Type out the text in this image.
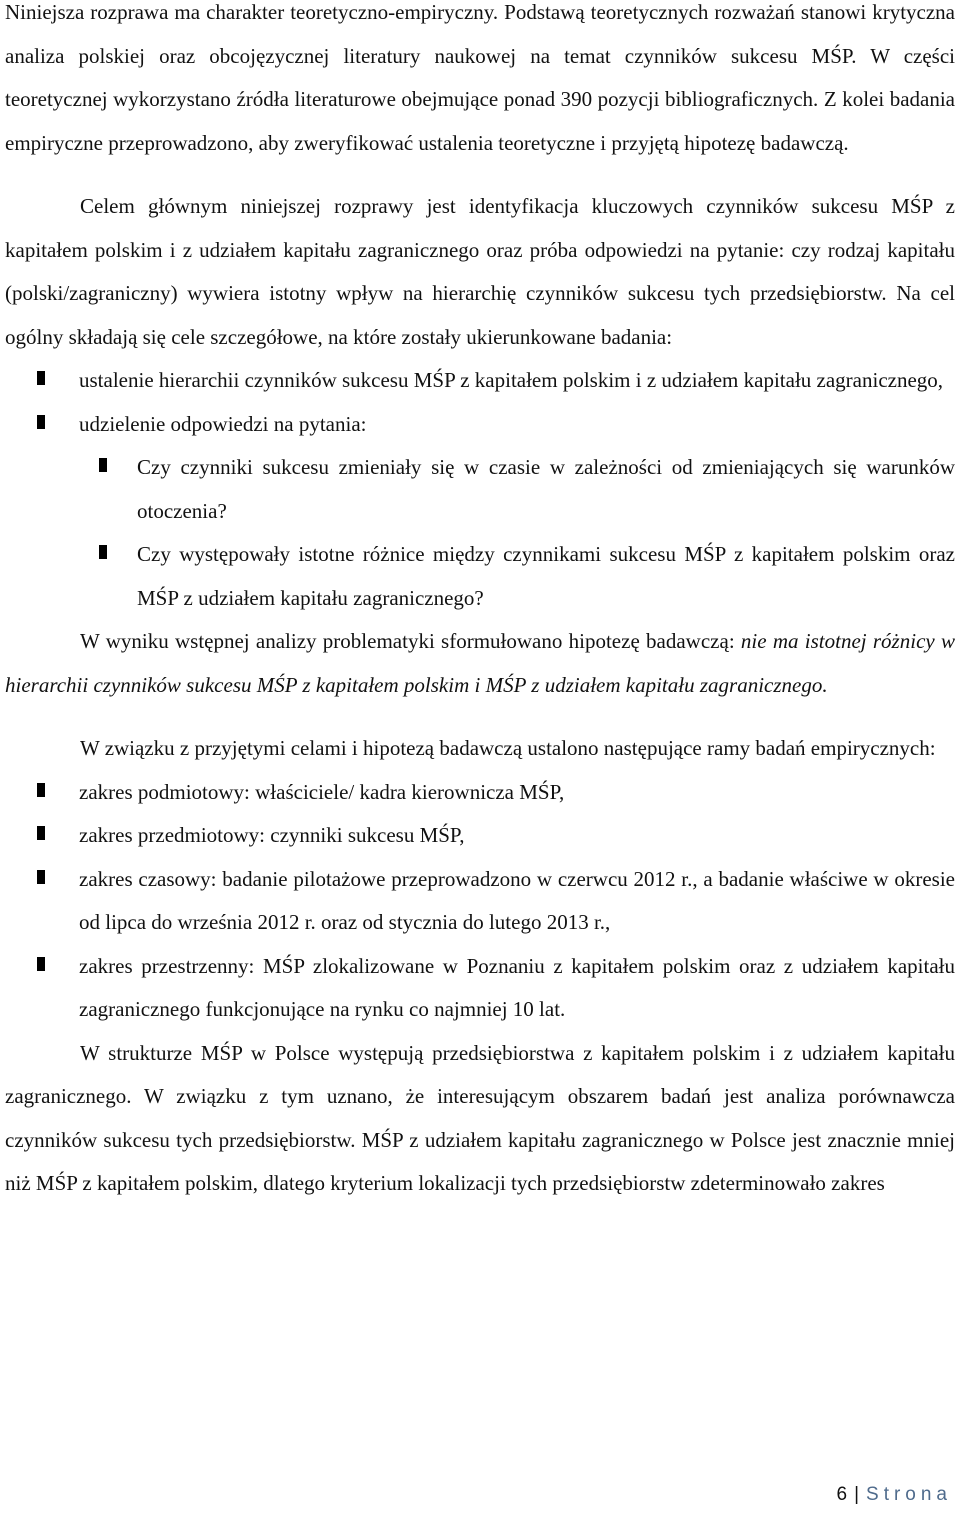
Niniejsza rozprawa ma charakter teoretyczno-empiryczny. Podstawą teoretycznych rozważań stanowi krytyczna analiza polskiej oraz obcojęzycznej literatury naukowej na temat czynników sukcesu MŚP. W części teoretycznej wykorzystano źródła literaturowe obejmujące ponad 390 pozycji bibliograficznych. Z kolei badania empiryczne przeprowadzono, aby zweryfikować ustalenia teoretyczne i przyjętą hipotezę badawczą.

Celem głównym niniejszej rozprawy jest identyfikacja kluczowych czynników sukcesu MŚP z kapitałem polskim i z udziałem kapitału zagranicznego oraz próba odpowiedzi na pytanie: czy rodzaj kapitału (polski/zagraniczny) wywiera istotny wpływ na hierarchię czynników sukcesu tych przedsiębiorstw. Na cel ogólny składają się cele szczegółowe, na które zostały ukierunkowane badania:

ustalenie hierarchii czynników sukcesu MŚP z kapitałem polskim i z udziałem kapitału zagranicznego,
udzielenie odpowiedzi na pytania:
Czy czynniki sukcesu zmieniały się w czasie w zależności od zmieniających się warunków otoczenia?
Czy występowały istotne różnice między czynnikami sukcesu MŚP z kapitałem polskim oraz MŚP z udziałem kapitału zagranicznego?

W wyniku wstępnej analizy problematyki sformułowano hipotezę badawczą: nie ma istotnej różnicy w hierarchii czynników sukcesu MŚP z kapitałem polskim i MŚP z udziałem kapitału zagranicznego.

W związku z przyjętymi celami i hipotezą badawczą ustalono następujące ramy badań empirycznych:

zakres podmiotowy: właściciele/ kadra kierownicza MŚP,
zakres przedmiotowy: czynniki sukcesu MŚP,
zakres czasowy: badanie pilotażowe przeprowadzono w czerwcu 2012 r., a badanie właściwe w okresie od lipca do września 2012 r. oraz od stycznia do lutego 2013 r.,
zakres przestrzenny: MŚP zlokalizowane w Poznaniu z kapitałem polskim oraz z udziałem kapitału zagranicznego funkcjonujące na rynku co najmniej 10 lat.

W strukturze MŚP w Polsce występują przedsiębiorstwa z kapitałem polskim i z udziałem kapitału zagranicznego. W związku z tym uznano, że interesującym obszarem badań jest analiza porównawcza czynników sukcesu tych przedsiębiorstw. MŚP z udziałem kapitału zagranicznego w Polsce jest znacznie mniej niż MŚP z kapitałem polskim, dlatego kryterium lokalizacji tych przedsiębiorstw zdeterminowało zakres

6 | Strona
